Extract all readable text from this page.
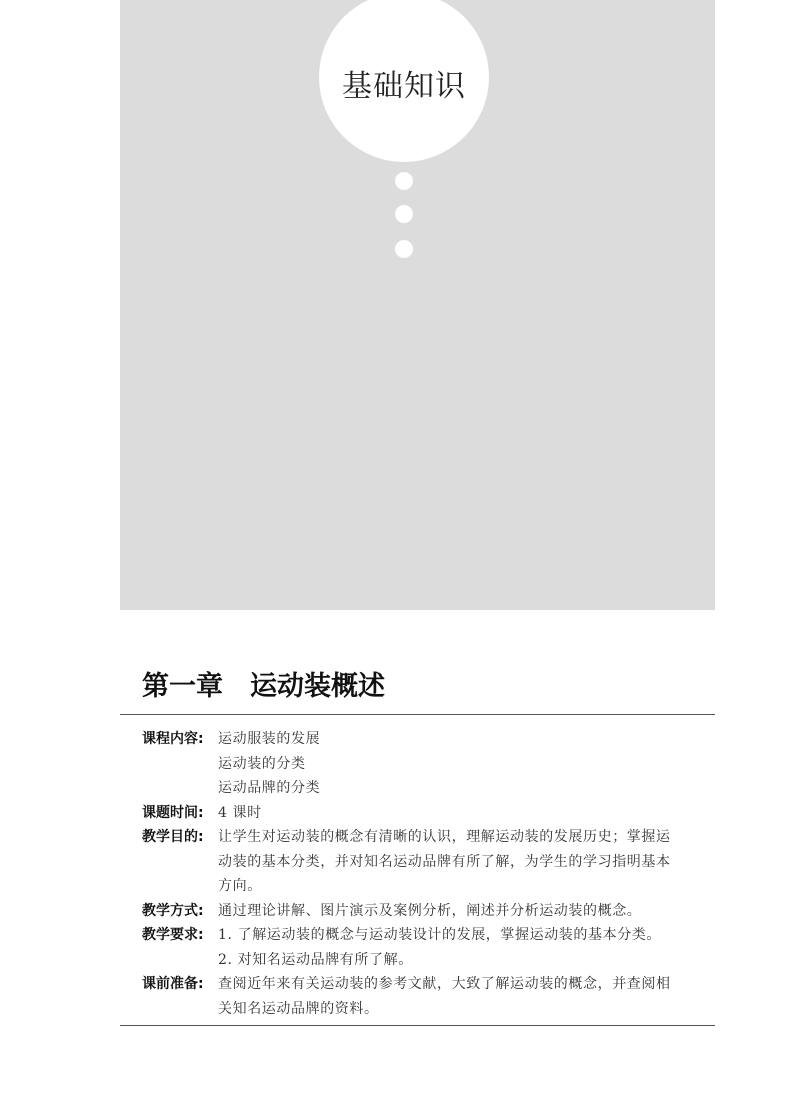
基础知识
第一章　运动装概述
课程内容:	运动服装的发展
运动装的分类
运动品牌的分类
课题时间:	4 课时
教学目的:	让学生对运动装的概念有清晰的认识，理解运动装的发展历史；掌握运
动装的基本分类，并对知名运动品牌有所了解，为学生的学习指明基本
方向。
教学方式:	通过理论讲解、图片演示及案例分析，阐述并分析运动装的概念。
教学要求:	1. 了解运动装的概念与运动装设计的发展，掌握运动装的基本分类。
2. 对知名运动品牌有所了解。
课前准备:	查阅近年来有关运动装的参考文献，大致了解运动装的概念，并查阅相
关知名运动品牌的资料。
